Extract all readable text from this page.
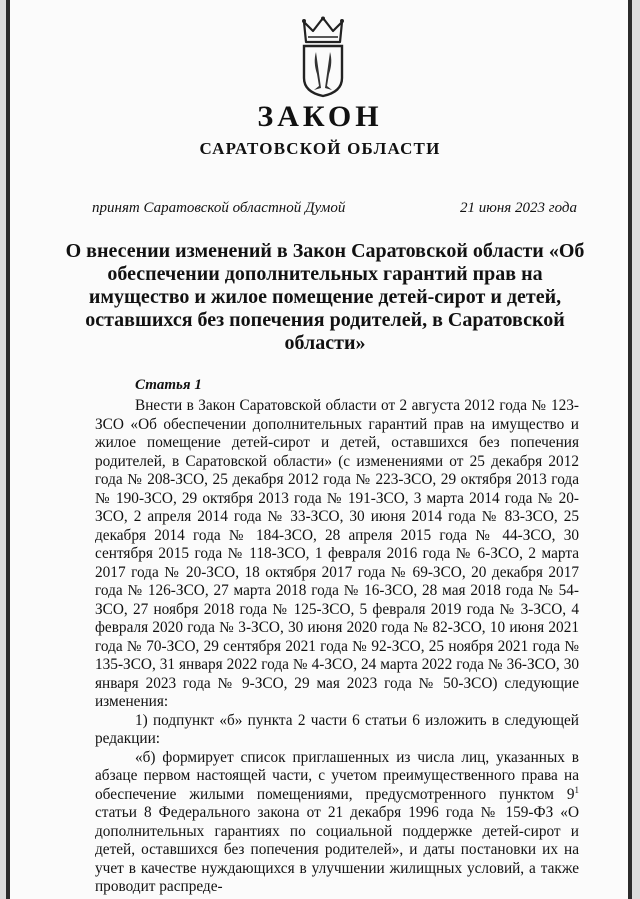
ЗАКОН
САРАТОВСКОЙ ОБЛАСТИ
принят Саратовской областной Думой	21 июня 2023 года
О внесении изменений в Закон Саратовской области «Об обеспечении дополнительных гарантий прав на имущество и жилое помещение детей-сирот и детей, оставшихся без попечения родителей, в Саратовской области»
Статья 1

Внести в Закон Саратовской области от 2 августа 2012 года № 123-ЗСО «Об обеспечении дополнительных гарантий прав на имущество и жилое помещение детей-сирот и детей, оставшихся без попечения родителей, в Саратовской области» (с изменениями от 25 декабря 2012 года № 208-ЗСО, 25 декабря 2012 года № 223-ЗСО, 29 октября 2013 года № 190-ЗСО, 29 октября 2013 года № 191-ЗСО, 3 марта 2014 года № 20-ЗСО, 2 апреля 2014 года № 33-ЗСО, 30 июня 2014 года № 83-ЗСО, 25 декабря 2014 года № 184-ЗСО, 28 апреля 2015 года № 44-ЗСО, 30 сентября 2015 года № 118-ЗСО, 1 февраля 2016 года № 6-ЗСО, 2 марта 2017 года № 20-ЗСО, 18 октября 2017 года № 69-ЗСО, 20 декабря 2017 года № 126-ЗСО, 27 марта 2018 года № 16-ЗСО, 28 мая 2018 года № 54-ЗСО, 27 ноября 2018 года № 125-ЗСО, 5 февраля 2019 года № 3-ЗСО, 4 февраля 2020 года № 3-ЗСО, 30 июня 2020 года № 82-ЗСО, 10 июня 2021 года № 70-ЗСО, 29 сентября 2021 года № 92-ЗСО, 25 ноября 2021 года № 135-ЗСО, 31 января 2022 года № 4-ЗСО, 24 марта 2022 года № 36-ЗСО, 30 января 2023 года № 9-ЗСО, 29 мая 2023 года № 50-ЗСО) следующие изменения:

1) подпункт «б» пункта 2 части 6 статьи 6 изложить в следующей редакции:

«б) формирует список приглашенных из числа лиц, указанных в абзаце первом настоящей части, с учетом преимущественного права на обеспечение жилыми помещениями, предусмотренного пунктом $9^1$ статьи 8 Федерального закона от 21 декабря 1996 года № 159-ФЗ «О дополнительных гарантиях по социальной поддержке детей-сирот и детей, оставшихся без попечения родителей», и даты постановки их на учет в качестве нуждающихся в улучшении жилищных условий, а также проводит распреде-
